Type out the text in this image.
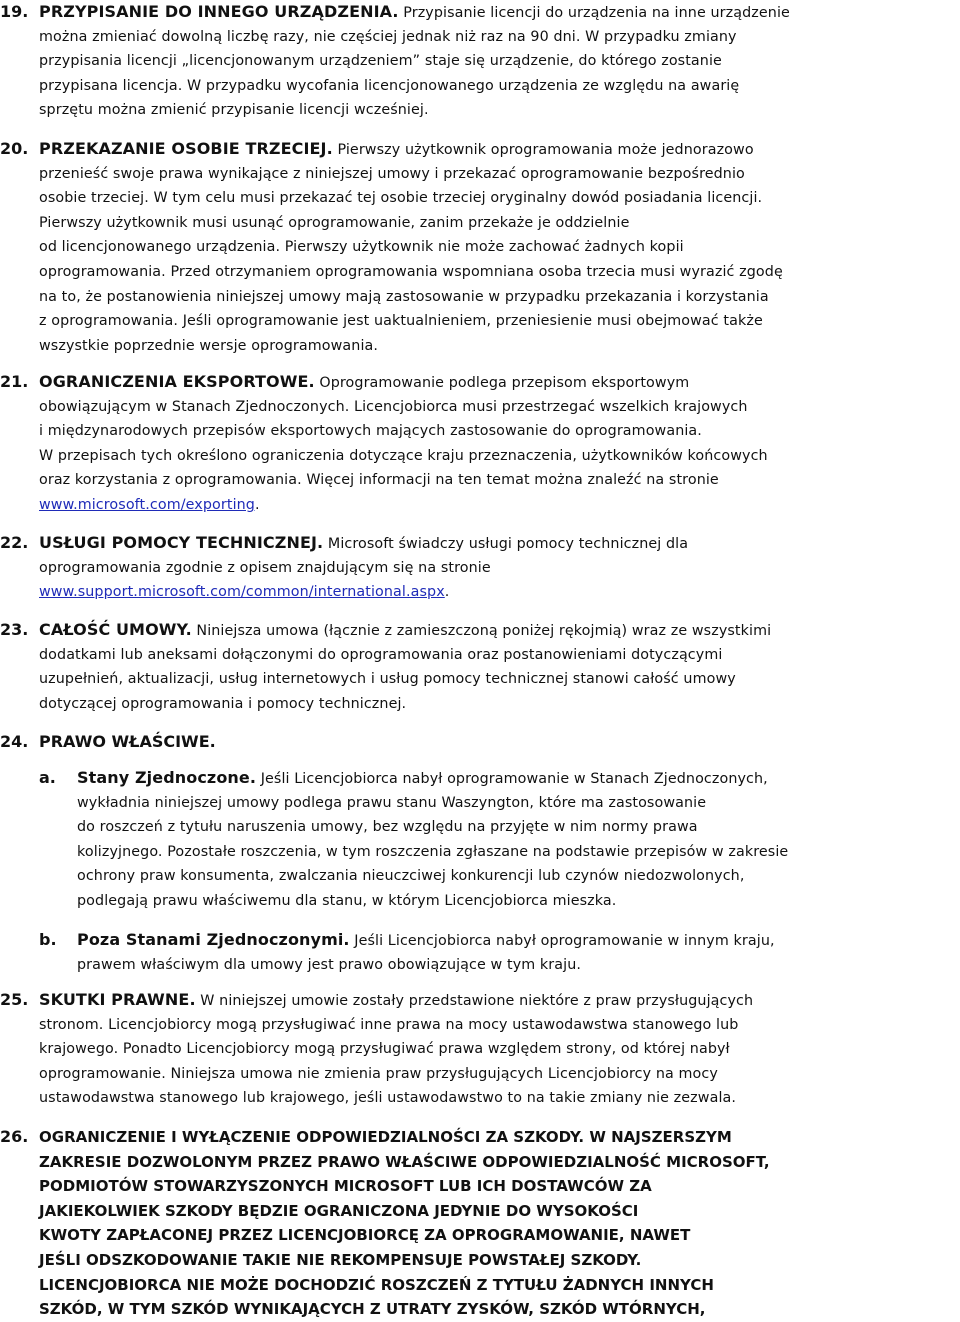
19. PRZYPISANIE DO INNEGO URZĄDZENIA. Przypisanie licencji do urządzenia na inne urządzenie
można zmieniać dowolną liczbę razy, nie częściej jednak niż raz na 90 dni. W przypadku zmiany
przypisania licencji „licencjonowanym urządzeniem” staje się urządzenie, do którego zostanie
przypisana licencja. W przypadku wycofania licencjonowanego urządzenia ze względu na awarię
sprzętu można zmienić przypisanie licencji wcześniej.
20. PRZEKAZANIE OSOBIE TRZECIEJ. Pierwszy użytkownik oprogramowania może jednorazowo
przenieść swoje prawa wynikające z niniejszej umowy i przekazać oprogramowanie bezpośrednio
osobie trzeciej. W tym celu musi przekazać tej osobie trzeciej oryginalny dowód posiadania licencji.
Pierwszy użytkownik musi usunąć oprogramowanie, zanim przekaże je oddzielnie
od licencjonowanego urządzenia. Pierwszy użytkownik nie może zachować żadnych kopii
oprogramowania. Przed otrzymaniem oprogramowania wspomniana osoba trzecia musi wyrazić zgodę
na to, że postanowienia niniejszej umowy mają zastosowanie w przypadku przekazania i korzystania
z oprogramowania. Jeśli oprogramowanie jest uaktualnieniem, przeniesienie musi obejmować także
wszystkie poprzednie wersje oprogramowania.
21. OGRANICZENIA EKSPORTOWE. Oprogramowanie podlega przepisom eksportowym
obowiązującym w Stanach Zjednoczonych. Licencjobiorca musi przestrzegać wszelkich krajowych
i międzynarodowych przepisów eksportowych mających zastosowanie do oprogramowania.
W przepisach tych określono ograniczenia dotyczące kraju przeznaczenia, użytkowników końcowych
oraz korzystania z oprogramowania. Więcej informacji na ten temat można znaleźć na stronie
www.microsoft.com/exporting.
22. USŁUGI POMOCY TECHNICZNEJ. Microsoft świadczy usługi pomocy technicznej dla
oprogramowania zgodnie z opisem znajdującym się na stronie
www.support.microsoft.com/common/international.aspx.
23. CAŁOŚĆ UMOWY. Niniejsza umowa (łącznie z zamieszczoną poniżej rękojmią) wraz ze wszystkimi
dodatkami lub aneksami dołączonymi do oprogramowania oraz postanowieniami dotyczącymi
uzupełnień, aktualizacji, usług internetowych i usług pomocy technicznej stanowi całość umowy
dotyczącej oprogramowania i pomocy technicznej.
24. PRAWO WŁAŚCIWE.
a. Stany Zjednoczone. Jeśli Licencjobiorca nabył oprogramowanie w Stanach Zjednoczonych,
wykładnia niniejszej umowy podlega prawu stanu Waszyngton, które ma zastosowanie
do roszczeń z tytułu naruszenia umowy, bez względu na przyjęte w nim normy prawa
kolizyjnego. Pozostałe roszczenia, w tym roszczenia zgłaszane na podstawie przepisów w zakresie
ochrony praw konsumenta, zwalczania nieuczciwej konkurencji lub czynów niedozwolonych,
podlegają prawu właściwemu dla stanu, w którym Licencjobiorca mieszka.
b. Poza Stanami Zjednoczonymi. Jeśli Licencjobiorca nabył oprogramowanie w innym kraju,
prawem właściwym dla umowy jest prawo obowiązujące w tym kraju.
25. SKUTKI PRAWNE. W niniejszej umowie zostały przedstawione niektóre z praw przysługujących
stronom. Licencjobiorcy mogą przysługiwać inne prawa na mocy ustawodawstwa stanowego lub
krajowego. Ponadto Licencjobiorcy mogą przysługiwać prawa względem strony, od której nabył
oprogramowanie. Niniejsza umowa nie zmienia praw przysługujących Licencjobiorcy na mocy
ustawodawstwa stanowego lub krajowego, jeśli ustawodawstwo to na takie zmiany nie zezwala.
26. OGRANICZENIE I WYŁĄCZENIE ODPOWIEDZIALNOŚCI ZA SZKODY. W NAJSZERSZYM
ZAKRESIE DOZWOLONYM PRZEZ PRAWO WŁAŚCIWE ODPOWIEDZIALNOŚĆ MICROSOFT,
PODMIOTÓW STOWARZYSZONYCH MICROSOFT LUB ICH DOSTAWCÓW ZA
JAKIEKOLWIEK SZKODY BĘDZIE OGRANICZONA JEDYNIE DO WYSOKOŚCI
KWOTY ZAPŁACONEJ PRZEZ LICENCJOBIORCĘ ZA OPROGRAMOWANIE, NAWET
JEŚLI ODSZKODOWANIE TAKIE NIE REKOMPENSUJE POWSTAŁEJ SZKODY.
LICENCJOBIORCA NIE MOŻE DOCHODZIĆ ROSZCZEŃ Z TYTUŁU ŻADNYCH INNYCH
SZKÓD, W TYM SZKÓD WYNIKAJĄCYCH Z UTRATY ZYSKÓW, SZKÓD WTÓRNYCH,
